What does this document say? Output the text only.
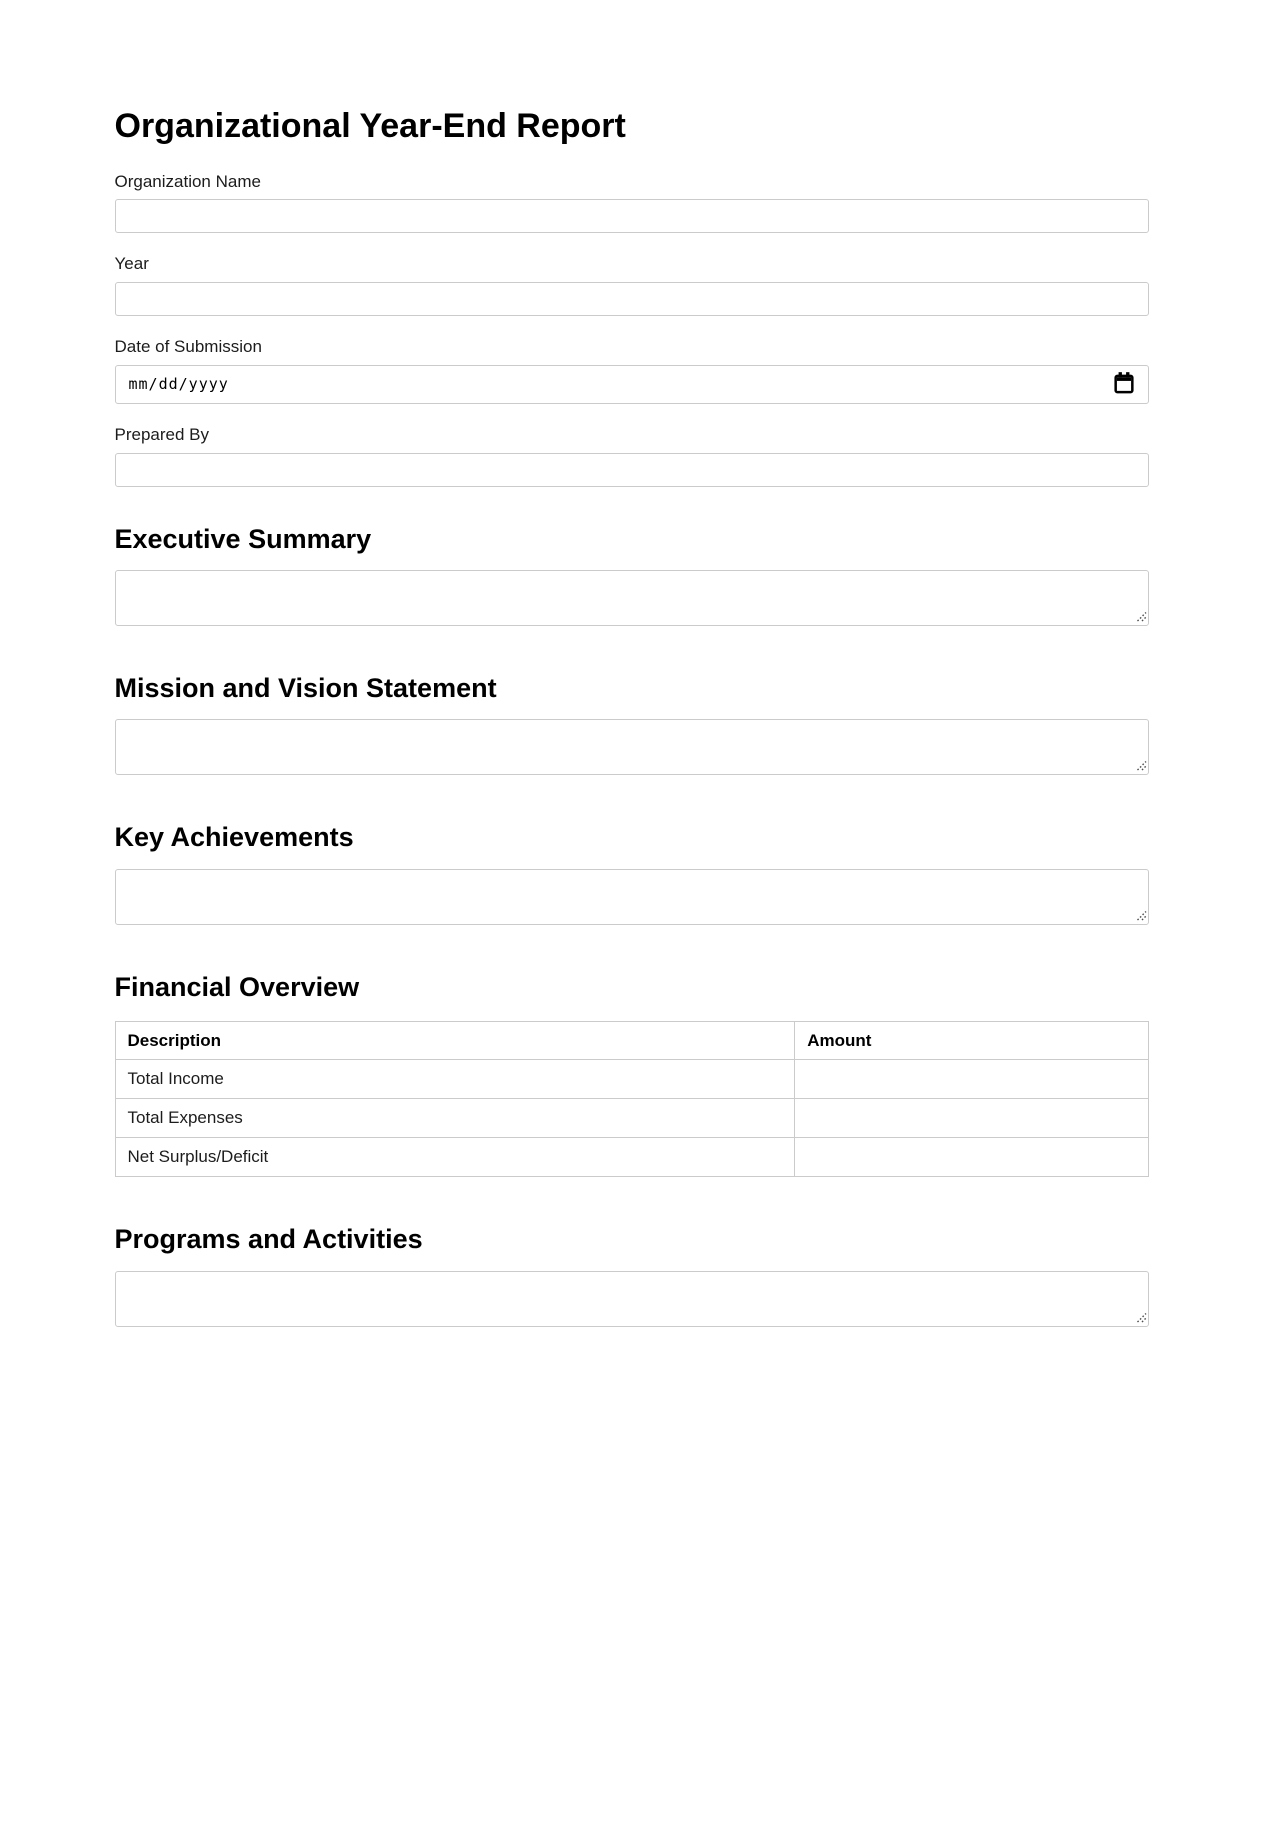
Organizational Year-End Report
Organization Name
Year
Date of Submission
mm/dd/yyyy
Prepared By
Executive Summary
Mission and Vision Statement
Key Achievements
Financial Overview
Description	Amount
Total Income	
Total Expenses	
Net Surplus/Deficit	
Programs and Activities
